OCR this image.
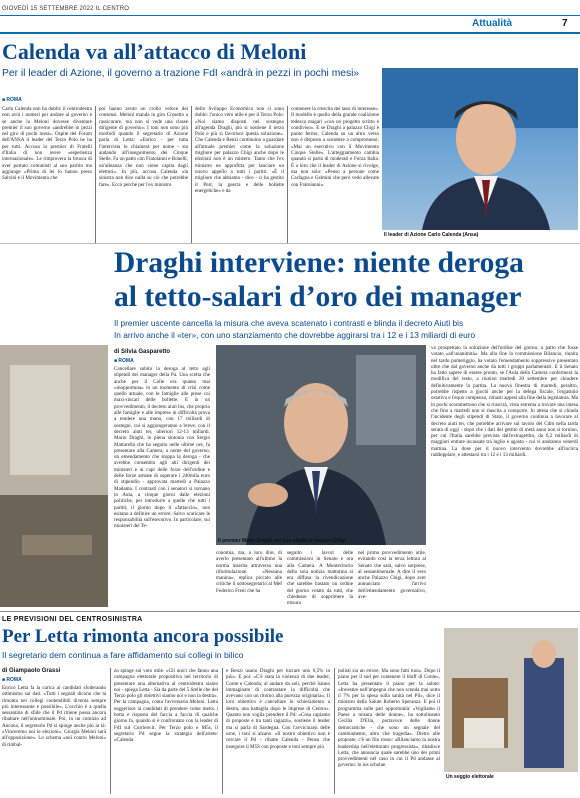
GIOVEDÌ 15 SETTEMBRE 2022 IL CENTRO
Attualità	7
Calenda va all’attacco di Meloni
Per il leader di Azione, il governo a trazione FdI «andrà in pezzi in pochi mesi»
■ ROMA
Carlo Calenda non ha dubbi: il centrodestra non avrà i numeri per andare al governo e se anche la Meloni dovesse diventare premier il suo governo «andrebbe in pezzi nel giro di pochi mesi». Ospite del Forum dell'ANSA il leader del Terzo Polo ne ha per tutti. Accusa la premier di Fratelli d'Italia di non avere «esperienza internazionale». Le rimprovera la brusca di aver portato comunisti al suo partito ma aggiunge «Prima di lei lo hanno preso Salvini e il Movimento che
poi hanno avuto un crollo veloce dei consensi. Meloni manda in giro Crosetto a rassicurare, ma non si vede una classe dirigente di governo». I toni non sono più morbidi quando il segretario di Azione parla di Letta: «Enrico - per tutta l'intervista lo chiamerà per nome - sta andando all'inseguimento dei Cinque Stelle. Fa un patto con Fratoianni e Bonelli, un'alleanza che non viene capita dagli elettori». In più, accusa Calenda «la sinistra non dice nulla su ciò che potrebbe fare». Ecco perché per l'ex ministro
dello Sviluppo Economico non ci sono dubbi: l'unico vero utile è per il Terzo Polo: «Noi siamo disposti nel sostegno all'agenda Draghi, più si sostiene il terzo Polo e più si favorisce questa soluzione». Che Calenda e Renzi continuino a guardare all'attuale premier come la soluzione migliore per palazzo Chigi anche dopo le elezioni non è un mistero. Tanto che l'ex ministro ne approfitta per lanciare un nuovo appello a tutti i partiti: «È il migliore che abbiamo - dice - ci ha gestito il Pnrr, la guerra e delle bollette energetiche» e da
contenere la crescita dei tassi di interesse». Il modello è quello della grande coalizione tedesca magari «con un progetto scritto e condiviso». E se Draghi a palazzo Chigi è punto fermo, Calenda su un altro verso non è disposto a scendere a compromessi: «Mai un esecutivo con il Movimento Cinque Stelle». L'atteggiamento cambia quando si parla di moderati e Forza Italia. È a loro che il leader di Azione si rivolge, ma non solo: «Penso a persone come Carfagna e Gelmini che però vedo allevate con Fratoianni».
Il leader di Azione Carlo Calenda (Ansa)
Draghi interviene: niente deroga
al tetto-salari d’oro dei manager
Il premier uscente cancella la misura che aveva scatenato i contrasti e blinda il decreto Aiuti bis
In arrivo anche il «ter», con uno stanziamento che dovrebbe aggirarsi tra i 12 e i 13 miliardi di euro
di Silvia Gasparetto
■ ROMA
Cancellare subito la deroga al tetto agli stipendi dei manager della Pa. Una scelta che anche per il Colle era quanto mai «inopportuna» in un momento di crisi come quello attuale, con le famiglie alle prese coi maxi-rincari delle bollette. E in un provvedimento, il decreto aiuti bis, che proprio alle famiglie e alle imprese in difficoltà prova a tendere una mano, con 17 miliardi di sostegni, cui si aggiungeranno a breve, con il decreto aiuti ter, ulteriori 12-13 miliardi. Mario Draghi, in piena sintonia con Sergio Mattarella che ha seguito nelle ultime ore, fa presentare alla Camera, a nome del governo, un emendamento che stoppa la deroga - che avrebbe consentito agli alti dirigenti dei ministeri e ai capi delle forze dell'ordine e delle forze armate di superare i 240mila euro di stipendio - approvata martedì a Palazzo Madama. I contrasti con i senatori si tornano in Aula, a cinque giorni dalle elezioni politiche, per introdurre a quelle che tutti i partiti, il giorno dopo il «fattaccio», non esitano a definire un errore. Salvo scaricare le responsabilità sull'esecutivo. In particolare, sui ministeri del Te-
Il premier Mario Draghi nel suo studio a Palazzo Chigi
conomia, ma, a loro dire, di averlo presentato all'ultimo la norma inserita attraverso una riformulazione. «Nessuna manina», replica piccato alle critiche il sottosegretario al Mef Federico Freni che ha
seguito i lavori delle commissioni in Senato e ora alla Camera. A Montecitorio della sola notizia mattutina si era diffusa la rivendicazione che sarebbe bastato un ordine del giorno votato da tutti, che chiedesse di sopprimere la misura
nel primo provvedimento utile, evitando così la terza lettura al Senato che sarà, salvo sorprese, al sessantinemale. A dire il vero anche Palazzo Chigi, dopo aver annunciato l'arrivo dell'emendamento governativo, ave-
va prospettato la soluzione dell'ordine del giorno, a patto che fosse votato «all'unanimità». Ma alla fine la commissione Bilancio, riunita nel tardo pomeriggio, ha votato l'emendamento soppressivo presentato oltre che dal governo anche da tutti i gruppi parlamentari. E il Senato ha fatto sapere di essere pronto, se l'Aula della Camera confermerà la modifica del testo, a riunirsi martedì 20 settembre per chiudere definitivamente la partita. La nuova finestra di martedì, peraltro, potrebbe rispetto a giochi anche per la delega fiscale, l'ergastolo ostativo e l'equo compenso, rimasti appesi alla fine della legislatura. Ma in pochi scommettono che si riuscirà, vista estrema a trovare una intesa che fino a martedì non si riuscita a comporre. In attesa che si chiuda l'incidente degli stipendi di Stato, il governo continua a lavorare al decreto aiuti ter, che potrebbe arrivare sul tavolo del Cdm nella tarda serata di oggi - dopo che i dati del gettito di metà anno non si tornino, per cui l'Italia sarebbe prevista dall'extragettito, da 6,2 miliardi di maggiori entrate incassate tra luglio e agosto - cui vi andranno venerdì mattina. La dose per il nuovo intervento dovrebbe all'incirca raddoppiare, e attestarsi tra i 12 e i 13 miliardi.
LE PREVISIONI DEL CENTROSINISTRA
Per Letta rimonta ancora possibile
Il segretario dem continua a fare affidamento sui collegi in bilico
di Giampaolo Grassi
■ ROMA
Enrico Letta fa la carica ai candidati sfoderando ottimismo sui dati. «Tutti i segnali dicono che la rimonta nei collegi contendibili diventa sempre più interessante e possibile». L'occhio è a quella sessantina di sfide che il Pd ritiene possa ancora ribaltare nell'uninominale. Poi, in un comizio ad Ancona, il segretario Pd si spinge anche più in là: «Vinceremo noi le elezioni». Giorgia Meloni sarà all'opposizione». Lo schema «noi contro Meloni» di rimbal-
zo spinge sul voto utile. «Gli unici che fanno una campagna elettorale propositiva nel territorio di presentare una alternativa al centrodestra siamo noi - spiega Letta - Sia da parte del 5 Stelle che del Terzo polo gli obiettivi sianno noi e non la destra». Per la campagna, conta l'avversaria Meloni. Letta suggerisce ai candidati di prendere come metro i botta e risposta del faccia a faccia di qualche giorno fa, quando si è confrontato con la leader di FdI sul Corriere.it. Per Terzo polo e M5s, il segretario Pd segue la strategia dell'ariete: «Calenda
e Renzi usano Draghi per lucrare uno 0,5% in più». E poi: «C'è stata la violenza di due leader, Conte e Calenda, al andare da soli, perché hanno immaginato di contrastare la difficoltà che avevano con un ritorno alla purezza originaria». Il loro obiettivo è cancellare lo schieramento a destra, una battaglia dopo le imprese di Centro». Quanto non voglia prendere il Pd: «Cosa capiamo di proposte e tra tanti ragazzi», sostiene il leader ma si parla di Sardegna. Con l'avvicinarsi delle urne, i toni si alzano. «Il nostro obiettivo non è cercare il Pd - ribatte Calenda - Penso che inseguire il M5S con proposte e toni sempre più
pulisti sia un errore. Ma sono fatti tuoi». Dopo il piano per il sud per contenere il bluff di Conte», Letta ha presentato il piano per la salute: «Investire nell'impegno che non scenda mai sotto il 7% per la spesa sulla sanità nel Pil», dice il ministro della Salute Roberto Speranza. E poi il programma sulle pari opportunità: «Vogliamo il Paese a misura delle donne», ha sottolineato Cecilia D'Elia, portavoce delle donne democratiche - che sono un segnale del cambiamento, altro che tragedia». Dietro alle proposte, c'è un filo rosso: «Bilanciamo la nostra leadership nell'elettorato progressista», ribadisce Letta, che annuncia quale sarebbe uno dei primi provvedimenti nel caso in cui il Pd andasse al governo: lo ius scholae.
Un seggio elettorale
